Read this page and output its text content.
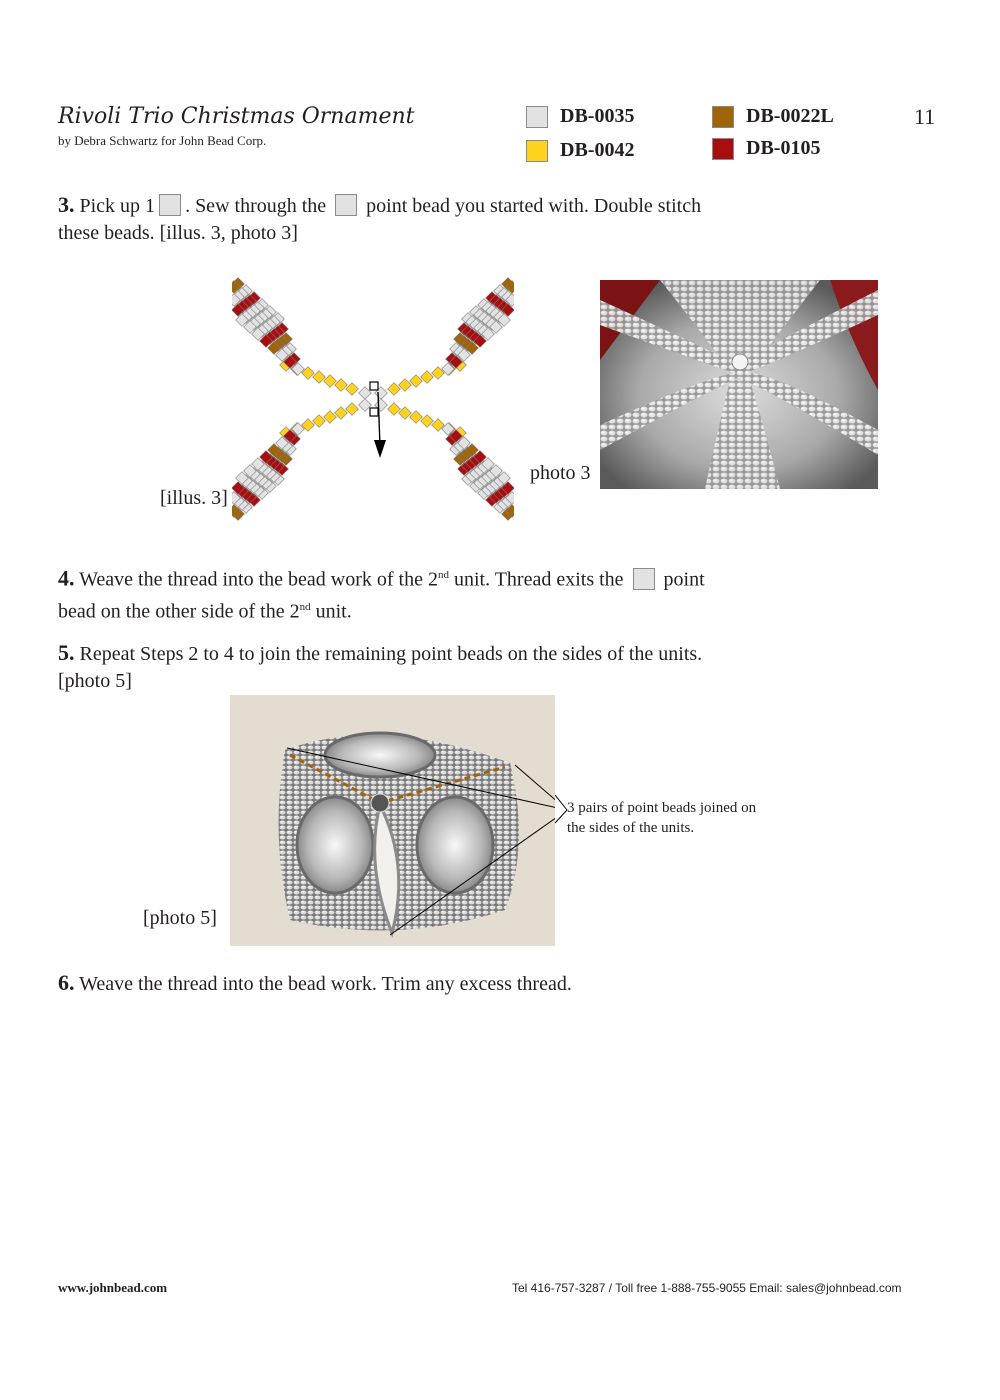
Rivoli Trio Christmas Ornament
by Debra Schwartz for John Bead Corp.
11
DB-0035
DB-0042
DB-0022L
DB-0105
3. Pick up 1 . Sew through the point bead you started with. Double stitch
these beads. [illus. 3, photo 3]
[illus. 3]
photo 3
4. Weave the thread into the bead work of the 2nd unit. Thread exits the point
bead on the other side of the 2nd unit.
5. Repeat Steps 2 to 4 to join the remaining point beads on the sides of the units.
[photo 5]
3 pairs of point beads joined on
the sides of the units.
[photo 5]
6. Weave the thread into the bead work. Trim any excess thread.
www.johnbead.com	Tel 416-757-3287 / Toll free 1-888-755-9055 Email: sales@johnbead.com
